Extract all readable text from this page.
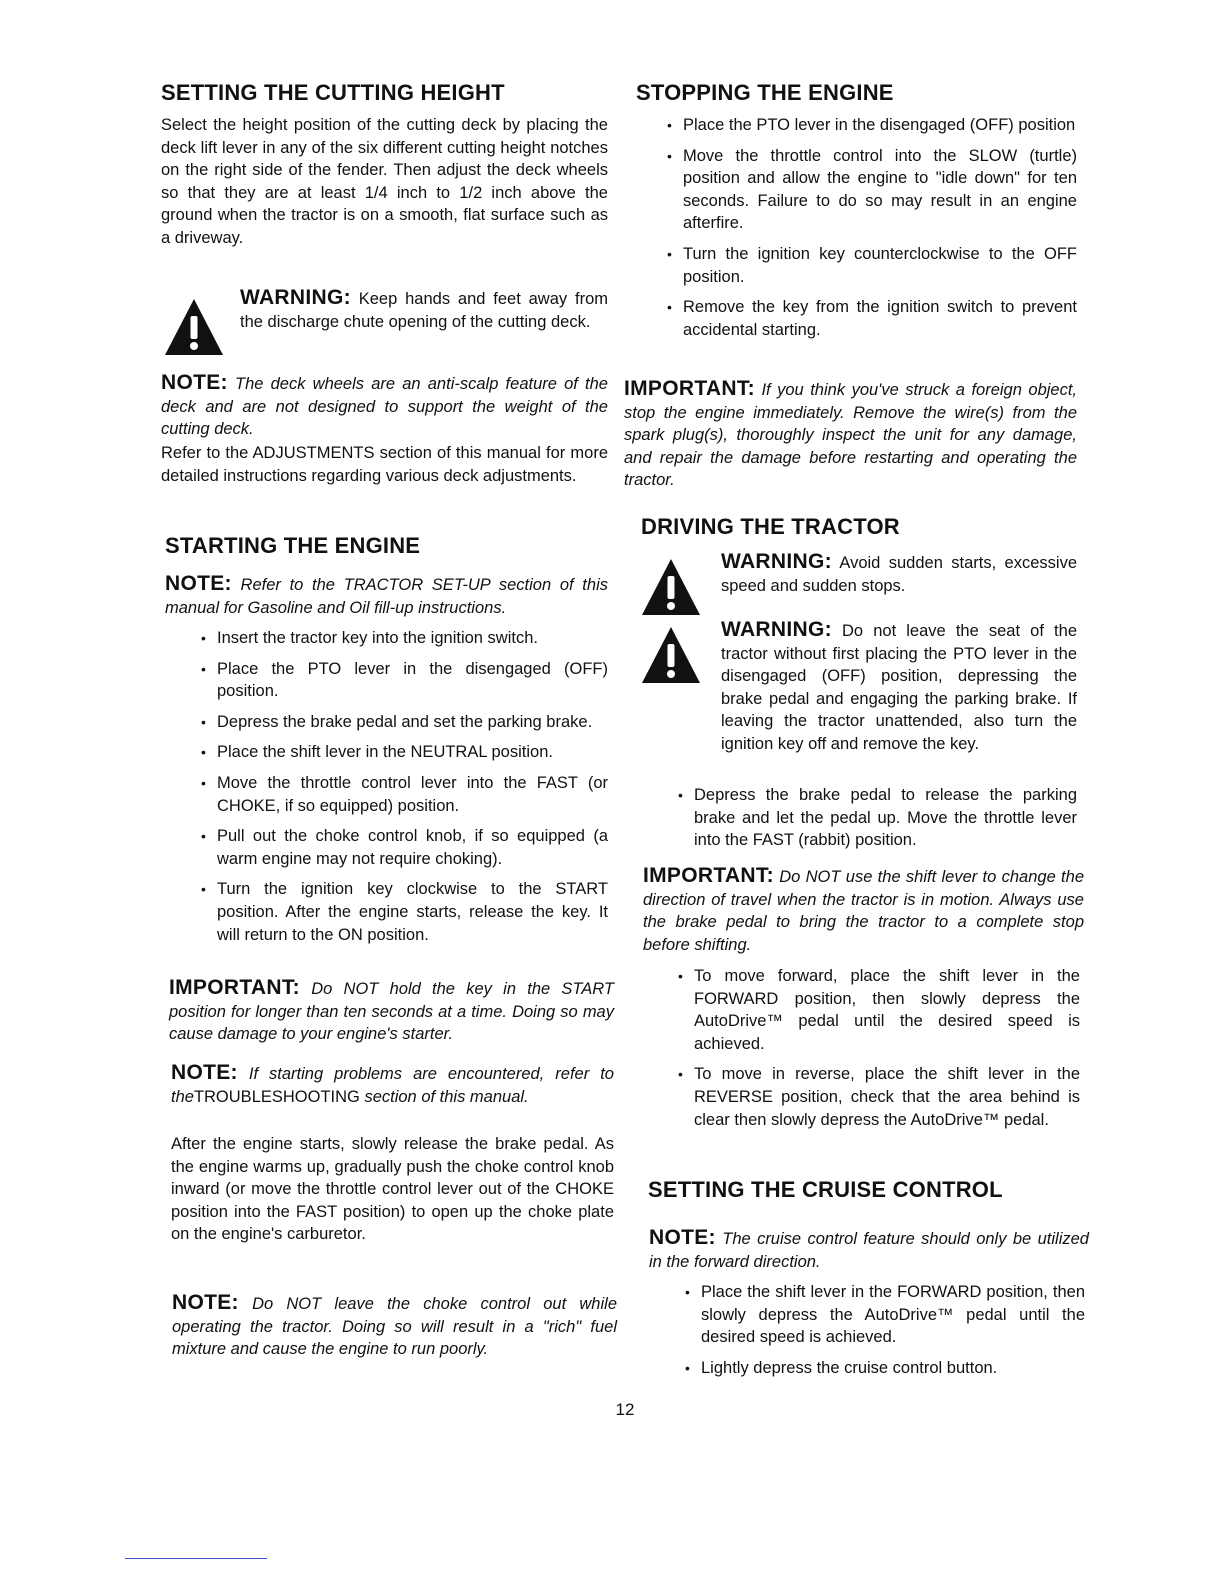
SETTING THE CUTTING HEIGHT

Select the height position of the cutting deck by placing the deck lift lever in any of the six different cutting height notches on the right side of the fender. Then adjust the deck wheels so that they are at least 1/4 inch to 1/2 inch above the ground when the tractor is on a smooth, flat surface such as a driveway.

WARNING: Keep hands and feet away from the discharge chute opening of the cutting deck.

NOTE: The deck wheels are an anti-scalp feature of the deck and are not designed to support the weight of the cutting deck.

Refer to the ADJUSTMENTS section of this manual for more detailed instructions regarding various deck adjustments.

STARTING THE ENGINE

NOTE: Refer to the TRACTOR SET-UP section of this manual for Gasoline and Oil fill-up instructions.

• Insert the tractor key into the ignition switch.
• Place the PTO lever in the disengaged (OFF) position.
• Depress the brake pedal and set the parking brake.
• Place the shift lever in the NEUTRAL position.
• Move the throttle control lever into the FAST (or CHOKE, if so equipped) position.
• Pull out the choke control knob, if so equipped (a warm engine may not require choking).
• Turn the ignition key clockwise to the START position. After the engine starts, release the key. It will return to the ON position.

IMPORTANT: Do NOT hold the key in the START position for longer than ten seconds at a time. Doing so may cause damage to your engine's starter.

NOTE: If starting problems are encountered, refer to theTROUBLESHOOTING section of this manual.

After the engine starts, slowly release the brake pedal. As the engine warms up, gradually push the choke control knob inward (or move the throttle control lever out of the CHOKE position into the FAST position) to open up the choke plate on the engine's carburetor.

NOTE: Do NOT leave the choke control out while operating the tractor. Doing so will result in a "rich" fuel mixture and cause the engine to run poorly.

STOPPING THE ENGINE
• Place the PTO lever in the disengaged (OFF) position
• Move the throttle control into the SLOW (turtle) position and allow the engine to "idle down" for ten seconds. Failure to do so may result in an engine afterfire.
• Turn the ignition key counterclockwise to the OFF position.
• Remove the key from the ignition switch to prevent accidental starting.

IMPORTANT: If you think you've struck a foreign object, stop the engine immediately. Remove the wire(s) from the spark plug(s), thoroughly inspect the unit for any damage, and repair the damage before restarting and operating the tractor.

DRIVING THE TRACTOR

WARNING: Avoid sudden starts, excessive speed and sudden stops.

WARNING: Do not leave the seat of the tractor without first placing the PTO lever in the disengaged (OFF) position, depressing the brake pedal and engaging the parking brake. If leaving the tractor unattended, also turn the ignition key off and remove the key.

• Depress the brake pedal to release the parking brake and let the pedal up. Move the throttle lever into the FAST (rabbit) position.

IMPORTANT: Do NOT use the shift lever to change the direction of travel when the tractor is in motion. Always use the brake pedal to bring the tractor to a complete stop before shifting.

• To move forward, place the shift lever in the FORWARD position, then slowly depress the AutoDrive™ pedal until the desired speed is achieved.
• To move in reverse, place the shift lever in the REVERSE position, check that the area behind is clear then slowly depress the AutoDrive™ pedal.
SETTING THE CRUISE CONTROL

NOTE: The cruise control feature should only be utilized in the forward direction.

• Place the shift lever in the FORWARD position, then slowly depress the AutoDrive™ pedal until the desired speed is achieved.
• Lightly depress the cruise control button.
12
